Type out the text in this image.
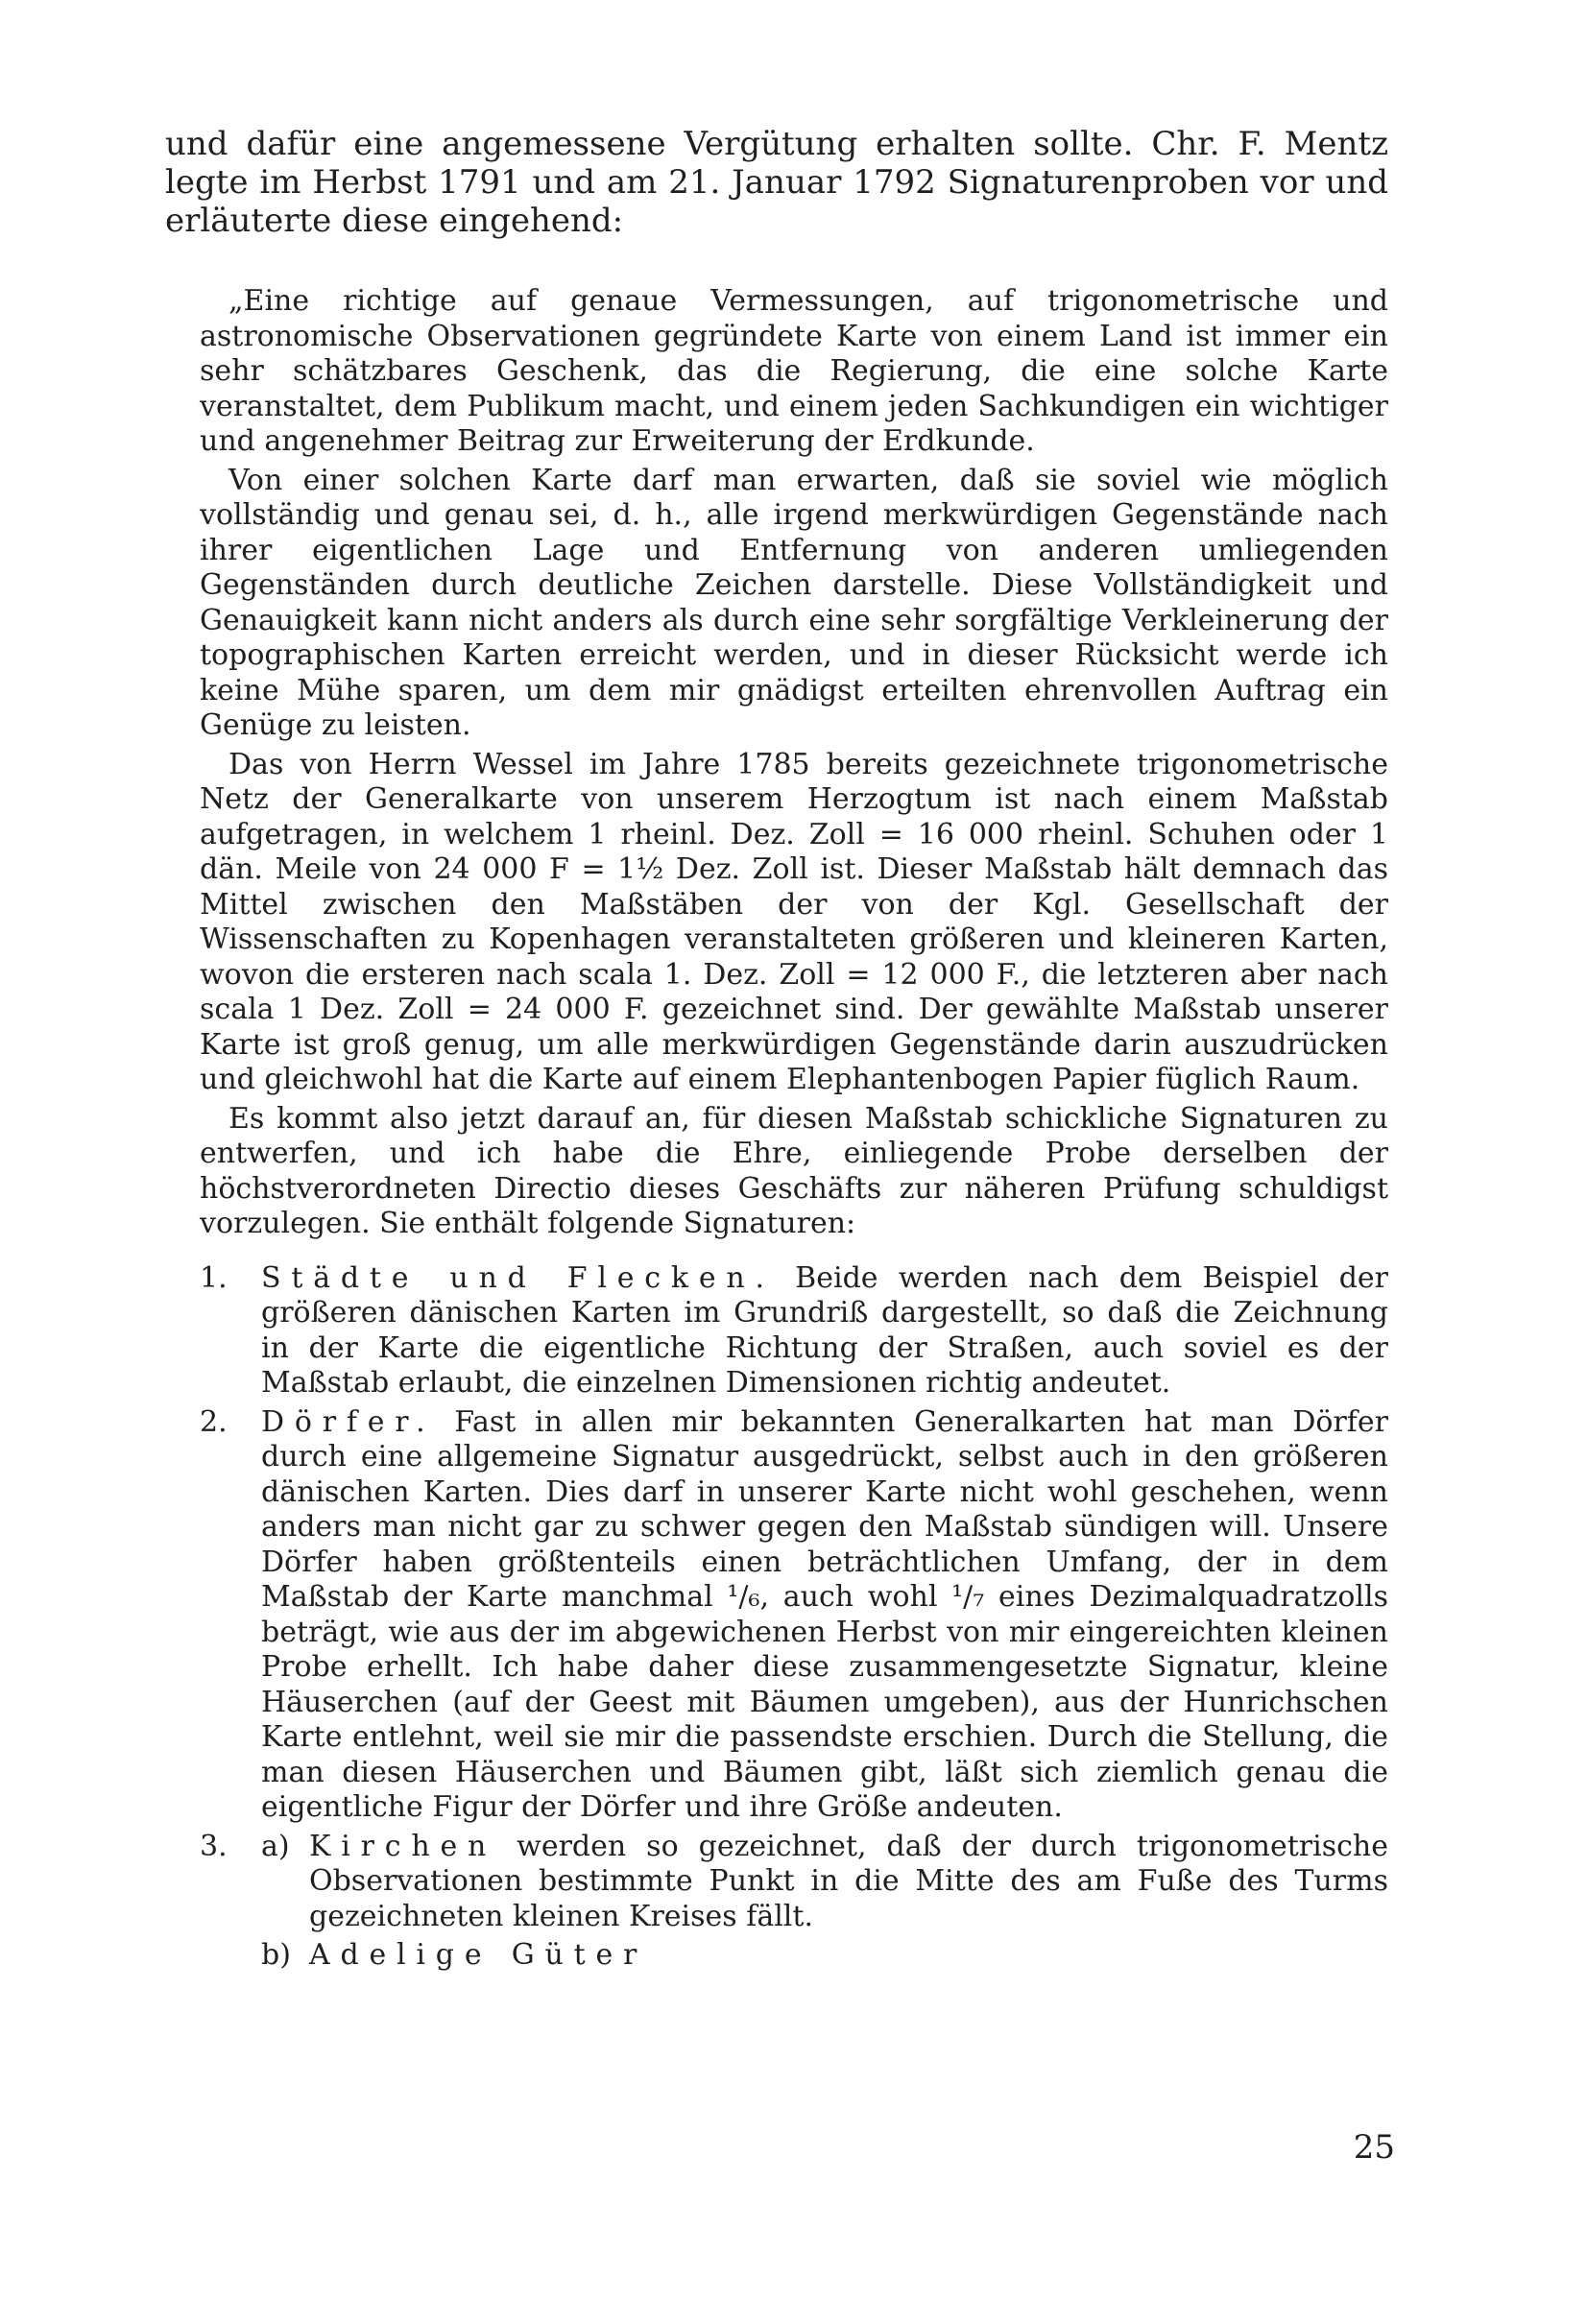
und dafür eine angemessene Vergütung erhalten sollte. Chr. F. Mentz legte im Herbst 1791 und am 21. Januar 1792 Signaturenproben vor und erläuterte diese eingehend:

„Eine richtige auf genaue Vermessungen, auf trigonometrische und astronomische Observationen gegründete Karte von einem Land ist immer ein sehr schätzbares Geschenk, das die Regierung, die eine solche Karte veranstaltet, dem Publikum macht, und einem jeden Sachkundigen ein wichtiger und angenehmer Beitrag zur Erweiterung der Erdkunde.

Von einer solchen Karte darf man erwarten, daß sie soviel wie möglich vollständig und genau sei, d. h., alle irgend merkwürdigen Gegenstände nach ihrer eigentlichen Lage und Entfernung von anderen umliegenden Gegenständen durch deutliche Zeichen darstelle. Diese Vollständigkeit und Genauigkeit kann nicht anders als durch eine sehr sorgfältige Verkleinerung der topographischen Karten erreicht werden, und in dieser Rücksicht werde ich keine Mühe sparen, um dem mir gnädigst erteilten ehrenvollen Auftrag ein Genüge zu leisten.

Das von Herrn Wessel im Jahre 1785 bereits gezeichnete trigonometrische Netz der Generalkarte von unserem Herzogtum ist nach einem Maßstab aufgetragen, in welchem 1 rheinl. Dez. Zoll = 16 000 rheinl. Schuhen oder 1 dän. Meile von 24 000 F = 1½ Dez. Zoll ist. Dieser Maßstab hält demnach das Mittel zwischen den Maßstäben der von der Kgl. Gesellschaft der Wissenschaften zu Kopenhagen veranstalteten größeren und kleineren Karten, wovon die ersteren nach scala 1. Dez. Zoll = 12 000 F., die letzteren aber nach scala 1 Dez. Zoll = 24 000 F. gezeichnet sind. Der gewählte Maßstab unserer Karte ist groß genug, um alle merkwürdigen Gegenstände darin auszudrücken und gleichwohl hat die Karte auf einem Elephantenbogen Papier füglich Raum.

Es kommt also jetzt darauf an, für diesen Maßstab schickliche Signaturen zu entwerfen, und ich habe die Ehre, einliegende Probe derselben der höchstverordneten Directio dieses Geschäfts zur näheren Prüfung schuldigst vorzulegen. Sie enthält folgende Signaturen:

1.	Städte und Flecken. Beide werden nach dem Beispiel der größeren dänischen Karten im Grundriß dargestellt, so daß die Zeichnung in der Karte die eigentliche Richtung der Straßen, auch soviel es der Maßstab erlaubt, die einzelnen Dimensionen richtig andeutet.
2.	Dörfer. Fast in allen mir bekannten Generalkarten hat man Dörfer durch eine allgemeine Signatur ausgedrückt, selbst auch in den größeren dänischen Karten. Dies darf in unserer Karte nicht wohl geschehen, wenn anders man nicht gar zu schwer gegen den Maßstab sündigen will. Unsere Dörfer haben größtenteils einen beträchtlichen Umfang, der in dem Maßstab der Karte manchmal ¹/₆, auch wohl ¹/₇ eines Dezimalquadratzolls beträgt, wie aus der im abgewichenen Herbst von mir eingereichten kleinen Probe erhellt. Ich habe daher diese zusammengesetzte Signatur, kleine Häuserchen (auf der Geest mit Bäumen umgeben), aus der Hunrichschen Karte entlehnt, weil sie mir die passendste erschien. Durch die Stellung, die man diesen Häuserchen und Bäumen gibt, läßt sich ziemlich genau die eigentliche Figur der Dörfer und ihre Größe andeuten.
3.	a) Kirchen werden so gezeichnet, daß der durch trigonometrische Observationen bestimmte Punkt in die Mitte des am Fuße des Turms gezeichneten kleinen Kreises fällt.
b) Adelige Güter
25
